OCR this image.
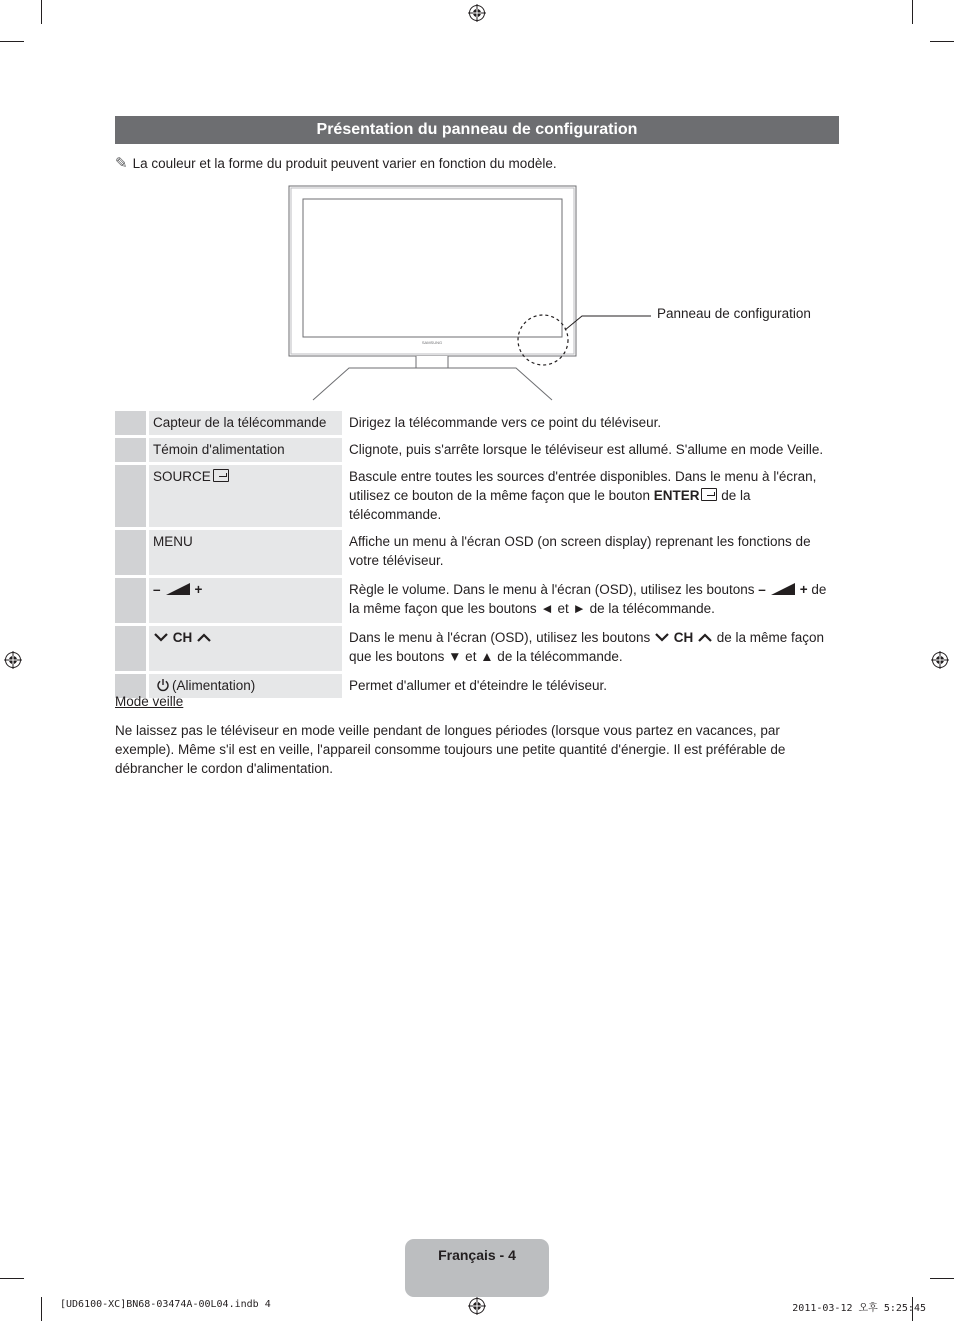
Présentation du panneau de configuration
✎ La couleur et la forme du produit peuvent varier en fonction du modèle.
SAMSUNG
Panneau de configuration
	Capteur de la télécommande	Dirigez la télécommande vers ce point du téléviseur.
	Témoin d'alimentation	Clignote, puis s'arrête lorsque le téléviseur est allumé. S'allume en mode Veille.
	SOURCE	Bascule entre toutes les sources d'entrée disponibles. Dans le menu à l'écran, utilisez ce bouton de la même façon que le bouton ENTER de la télécommande.
	MENU	Affiche un menu à l'écran OSD (on screen display) reprenant les fonctions de votre téléviseur.
	– +	Règle le volume. Dans le menu à l'écran (OSD), utilisez les boutons – + de la même façon que les boutons ◄ et ► de la télécommande.
	CH	Dans le menu à l'écran (OSD), utilisez les boutons  CH  de la même façon que les boutons ▼ et ▲ de la télécommande.
	(Alimentation)	Permet d'allumer et d'éteindre le téléviseur.
Mode veille
Ne laissez pas le téléviseur en mode veille pendant de longues périodes (lorsque vous partez en vacances, par exemple). Même s'il est en veille, l'appareil consomme toujours une petite quantité d'énergie. Il est préférable de débrancher le cordon d'alimentation.
Français - 4
[UD6100-XC]BN68-03474A-00L04.indb 4	2011-03-12 오후 5:25:45
